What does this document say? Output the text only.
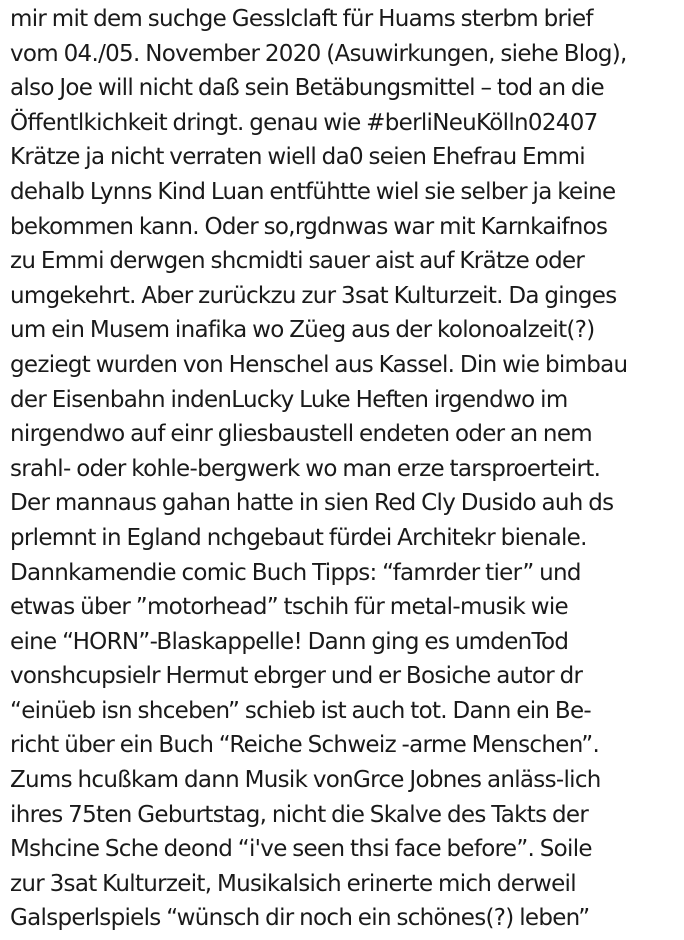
mir mit dem suchge Gesslclaft für Huams sterbm brief
vom 04./05. November 2020 (Asuwirkungen, siehe Blog),
also Joe will nicht daß sein Betäbungsmittel – tod an die
Öffentlkichkeit dringt. genau wie #berliNeuKölln02407
Krätze ja nicht verraten wiell da0 seien Ehefrau Emmi
dehalb Lynns Kind Luan entfühtte wiel sie selber ja keine
bekommen kann. Oder so,rgdnwas war mit Karnkaifnos
zu Emmi derwgen shcmidti sauer aist auf Krätze oder
umgekehrt. Aber zurückzu zur 3sat Kulturzeit. Da ginges
um ein Musem inafika wo Züeg aus der kolonoalzeit(?)
geziegt wurden von Henschel aus Kassel. Din wie bimbau
der Eisenbahn indenLucky Luke Heften irgendwo im
nirgendwo auf einr gliesbaustell endeten oder an nem
srahl- oder kohle-bergwerk wo man erze tarsproerteirt.
Der mannaus gahan hatte in sien Red Cly Dusido auh ds
prlemnt in Egland nchgebaut fürdei Architekr bienale.
Dannkamendie comic Buch Tipps: “famrder tier” und
etwas über ”motorhead” tschih für metal-musik wie
eine “HORN”-Blaskappelle! Dann ging es umdenTod
vonshcupsielr Hermut ebrger und er Bosiche autor dr
“einüeb isn shceben” schieb ist auch tot. Dann ein Be-
richt über ein Buch “Reiche Schweiz -arme Menschen”.
Zums hcußkam dann Musik vonGrce Jobnes anläss-lich
ihres 75ten Geburtstag, nicht die Skalve des Takts der
Mshcine Sche deond “i've seen thsi face before”. Soile
zur 3sat Kulturzeit, Musikalsich erinerte mich derweil
Galsperlspiels “wünsch dir noch ein schönes(?) leben”
